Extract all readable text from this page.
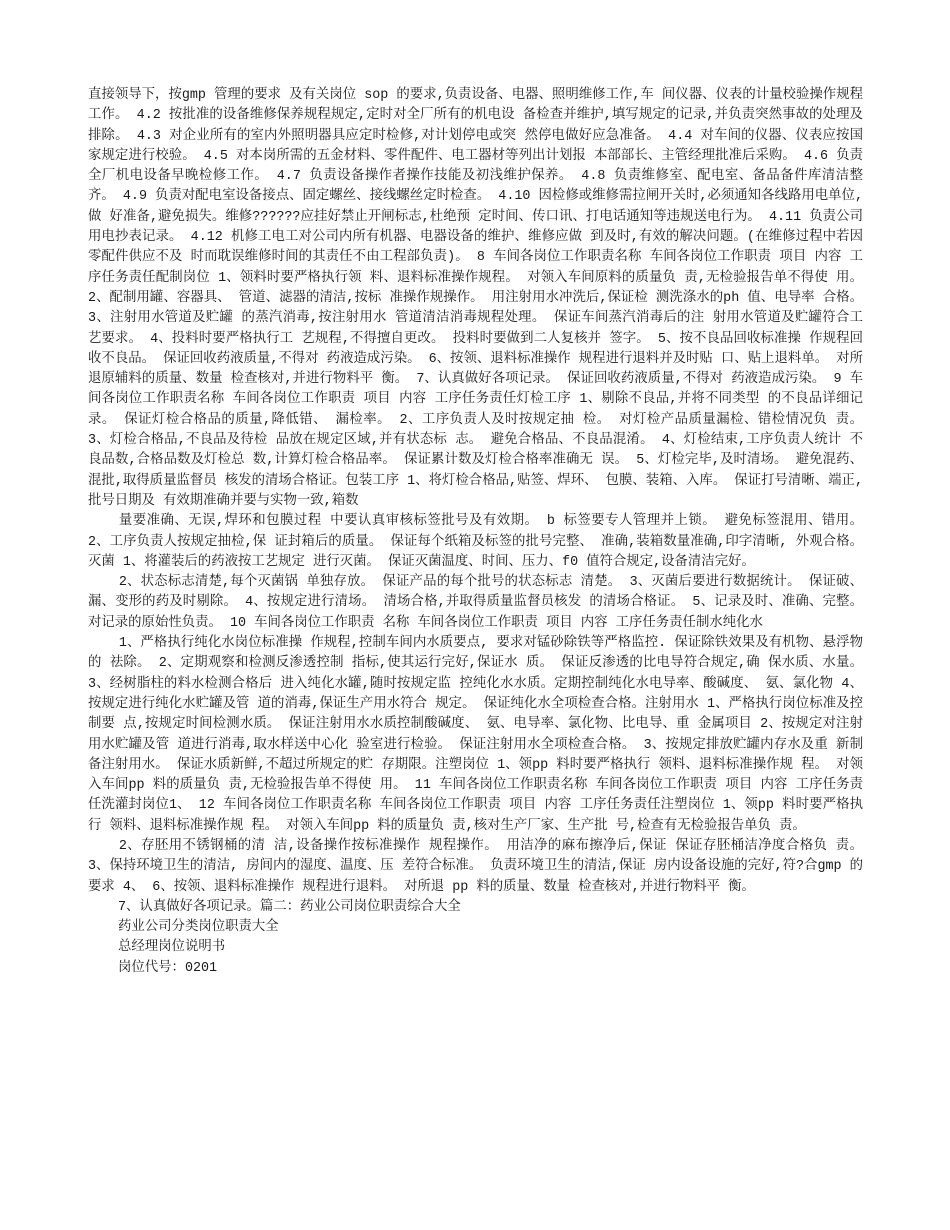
直接领导下，按gmp 管理的要求 及有关岗位 sop 的要求,负责设备、电器、照明维修工作,车 间仪器、仪表的计量校验操作规程工作。 4.2 按批准的设备维修保养规程规定,定时对全厂所有的机电设 备检查并维护,填写规定的记录,并负责突然事故的处理及排除。 4.3 对企业所有的室内外照明器具应定时检修,对计划停电或突 然停电做好应急准备。 4.4 对车间的仪器、仪表应按国家规定进行校验。 4.5 对本岗所需的五金材料、零件配件、电工器材等列出计划报 本部部长、主管经理批准后采购。 4.6 负责全厂机电设备早晚检修工作。 4.7 负责设备操作者操作技能及初浅维护保养。 4.8 负责维修室、配电室、备品备件库清洁整齐。 4.9 负责对配电室设备接点、固定螺丝、接线螺丝定时检查。 4.10 因检修或维修需拉闸开关时,必须通知各线路用电单位,做 好准备,避免损失。维修??????应挂好禁止开闸标志,杜绝预 定时间、传口讯、打电话通知等违规送电行为。 4.11 负责公司用电抄表记录。 4.12 机修工电工对公司内所有机器、电器设备的维护、维修应做 到及时,有效的解决问题。(在维修过程中若因零配件供应不及 时而耽误维修时间的其责任不由工程部负责)。 8 车间各岗位工作职责名称 车间各岗位工作职责 项目 内容 工序任务责任配制岗位 1、领料时要严格执行领 料、退料标准操作规程。 对领入车间原料的质量负 责,无检验报告单不得使 用。 2、配制用罐、容器具、 管道、滤器的清洁,按标 准操作规操作。 用注射用水冲洗后,保证检 测洗涤水的ph 值、电导率 合格。 3、注射用水管道及贮罐 的蒸汽消毒,按注射用水 管道清洁消毒规程处理。 保证车间蒸汽消毒后的注 射用水管道及贮罐符合工 艺要求。 4、投料时要严格执行工 艺规程,不得擅自更改。 投料时要做到二人复核并 签字。 5、按不良品回收标准操 作规程回收不良品。 保证回收药液质量,不得对 药液造成污染。 6、按领、退料标准操作 规程进行退料并及时贴 口、贴上退料单。 对所退原辅料的质量、数量 检查核对,并进行物料平 衡。 7、认真做好各项记录。 保证回收药液质量,不得对 药液造成污染。 9 车间各岗位工作职责名称 车间各岗位工作职责 项目 内容 工序任务责任灯检工序 1、剔除不良品,并将不同类型 的不良品详细记录。 保证灯检合格品的质量,降低错、 漏检率。 2、工序负责人及时按规定抽 检。 对灯检产品质量漏检、错检情况负 责。 3、灯检合格品,不良品及待检 品放在规定区域,并有状态标 志。 避免合格品、不良品混淆。 4、灯检结束,工序负责人统计 不良品数,合格品数及灯检总 数,计算灯检合格品率。 保证累计数及灯检合格率准确无 误。 5、灯检完毕,及时清场。 避免混药、混批,取得质量监督员 核发的清场合格证。包装工序 1、将灯检合格品,贴签、焊环、 包膜、装箱、入库。 保证打号清晰、端正,批号日期及 有效期准确并要与实物一致,箱数

量要准确、无误,焊环和包膜过程 中要认真审核标签批号及有效期。 b 标签要专人管理并上锁。 避免标签混用、错用。 2、工序负责人按规定抽检,保 证封箱后的质量。 保证每个纸箱及标签的批号完整、 准确,装箱数量准确,印字清晰, 外观合格。灭菌 1、将灌装后的药液按工艺规定 进行灭菌。 保证灭菌温度、时间、压力、f0 值符合规定,设备清洁完好。

2、状态标志清楚,每个灭菌锅 单独存放。 保证产品的每个批号的状态标志 清楚。 3、灭菌后要进行数据统计。 保证破、漏、变形的药及时剔除。 4、按规定进行清场。 清场合格,并取得质量监督员核发 的清场合格证。 5、记录及时、准确、完整。 对记录的原始性负责。 10 车间各岗位工作职责 名称 车间各岗位工作职责 项目 内容 工序任务责任制水纯化水

1、严格执行纯化水岗位标准操 作规程,控制车间内水质要点, 要求对锰砂除铁等严格监控. 保证除铁效果及有机物、悬浮物的 祛除。 2、定期观察和检测反渗透控制 指标,使其运行完好,保证水 质。 保证反渗透的比电导符合规定,确 保水质、水量。 3、经树脂柱的料水检测合格后 进入纯化水罐,随时按规定监 控纯化水水质。定期控制纯化水电导率、酸碱度、 氨、氯化物 4、按规定进行纯化水贮罐及管 道的消毒,保证生产用水符合 规定。 保证纯化水全项检查合格。注射用水 1、严格执行岗位标准及控制要 点,按规定时间检测水质。 保证注射用水水质控制酸碱度、 氨、电导率、氯化物、比电导、重 金属项目 2、按规定对注射用水贮罐及管 道进行消毒,取水样送中心化 验室进行检验。 保证注射用水全项检查合格。 3、按规定排放贮罐内存水及重 新制备注射用水。 保证水质新鲜,不超过所规定的贮 存期限。注塑岗位 1、领pp 料时要严格执行 领料、退料标准操作规 程。 对领入车间pp 料的质量负 责,无检验报告单不得使 用。 11 车间各岗位工作职责名称 车间各岗位工作职责 项目 内容 工序任务责任洗灌封岗位1、 12 车间各岗位工作职责名称 车间各岗位工作职责 项目 内容 工序任务责任注塑岗位 1、领pp 料时要严格执行 领料、退料标准操作规 程。 对领入车间pp 料的质量负 责,核对生产厂家、生产批 号,检查有无检验报告单负 责。

2、存胚用不锈钢桶的清 洁,设备操作按标准操作 规程操作。 用洁净的麻布擦净后,保证 保证存胚桶洁净度合格负 责。 3、保持环境卫生的清洁, 房间内的湿度、温度、压 差符合标准。 负责环境卫生的清洁,保证 房内设备设施的完好,符?合gmp 的要求 4、 6、按领、退料标准操作 规程进行退料。 对所退 pp 料的质量、数量 检查核对,并进行物料平 衡。

7、认真做好各项记录。篇二：药业公司岗位职责综合大全

药业公司分类岗位职责大全

总经理岗位说明书

岗位代号：0201
